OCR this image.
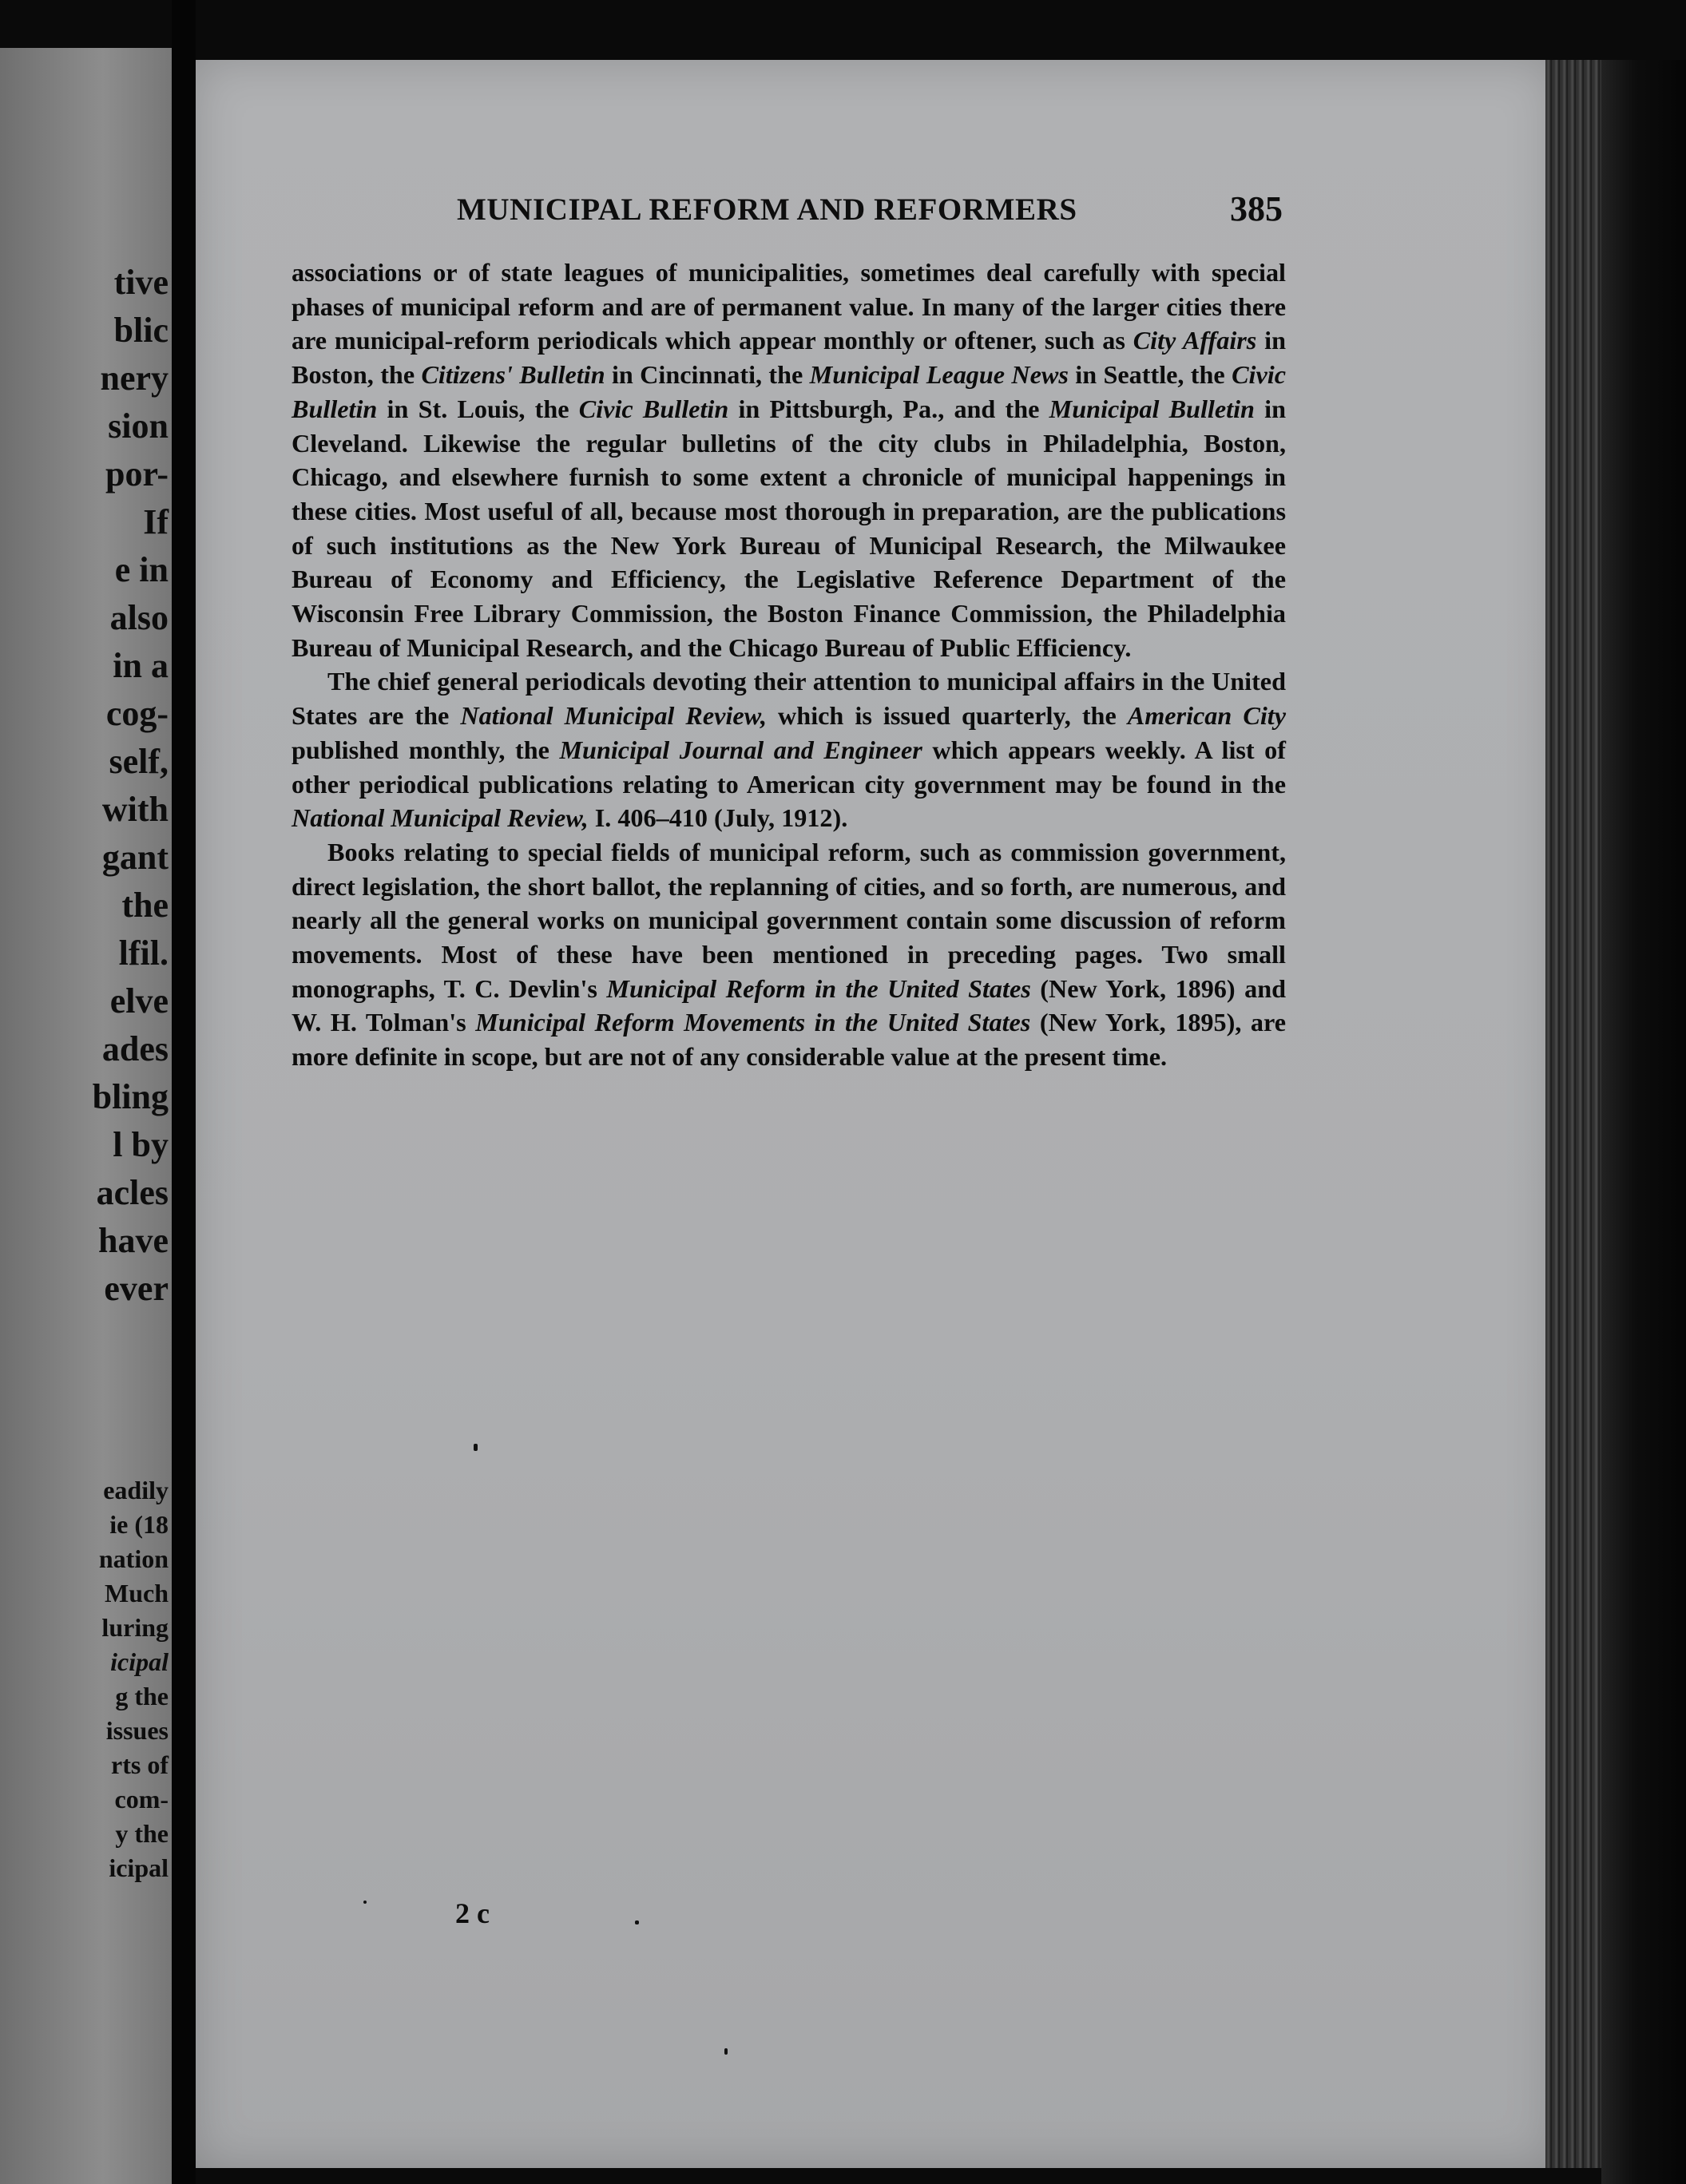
tive
blic
nery
sion
por-
If
e in
also
in a
cog-
self,
with
gant
the
lfil.
elve
ades
bling
l by
acles
have
ever
eadily
ie (18
nation
Much
luring
icipal
g the
issues
rts of
com-
y the
icipal
MUNICIPAL REFORM AND REFORMERS	385

associations or of state leagues of municipalities, sometimes deal carefully with special phases of municipal reform and are of permanent value. In many of the larger cities there are municipal-reform periodicals which appear monthly or oftener, such as City Affairs in Boston, the Citizens' Bulletin in Cincinnati, the Municipal League News in Seattle, the Civic Bulletin in St. Louis, the Civic Bulletin in Pittsburgh, Pa., and the Municipal Bulletin in Cleveland. Likewise the regular bulletins of the city clubs in Philadelphia, Boston, Chicago, and elsewhere furnish to some extent a chronicle of municipal happenings in these cities. Most useful of all, because most thorough in preparation, are the publications of such institutions as the New York Bureau of Municipal Research, the Milwaukee Bureau of Economy and Efficiency, the Legislative Reference Department of the Wisconsin Free Library Commission, the Boston Finance Commission, the Philadelphia Bureau of Municipal Research, and the Chicago Bureau of Public Efficiency.

The chief general periodicals devoting their attention to municipal affairs in the United States are the National Municipal Review, which is issued quarterly, the American City published monthly, the Municipal Journal and Engineer which appears weekly. A list of other periodical publications relating to American city government may be found in the National Municipal Review, I. 406–410 (July, 1912).

Books relating to special fields of municipal reform, such as commission government, direct legislation, the short ballot, the replanning of cities, and so forth, are numerous, and nearly all the general works on municipal government contain some discussion of reform movements. Most of these have been mentioned in preceding pages. Two small monographs, T. C. Devlin's Municipal Reform in the United States (New York, 1896) and W. H. Tolman's Municipal Reform Movements in the United States (New York, 1895), are more definite in scope, but are not of any considerable value at the present time.

2 c
